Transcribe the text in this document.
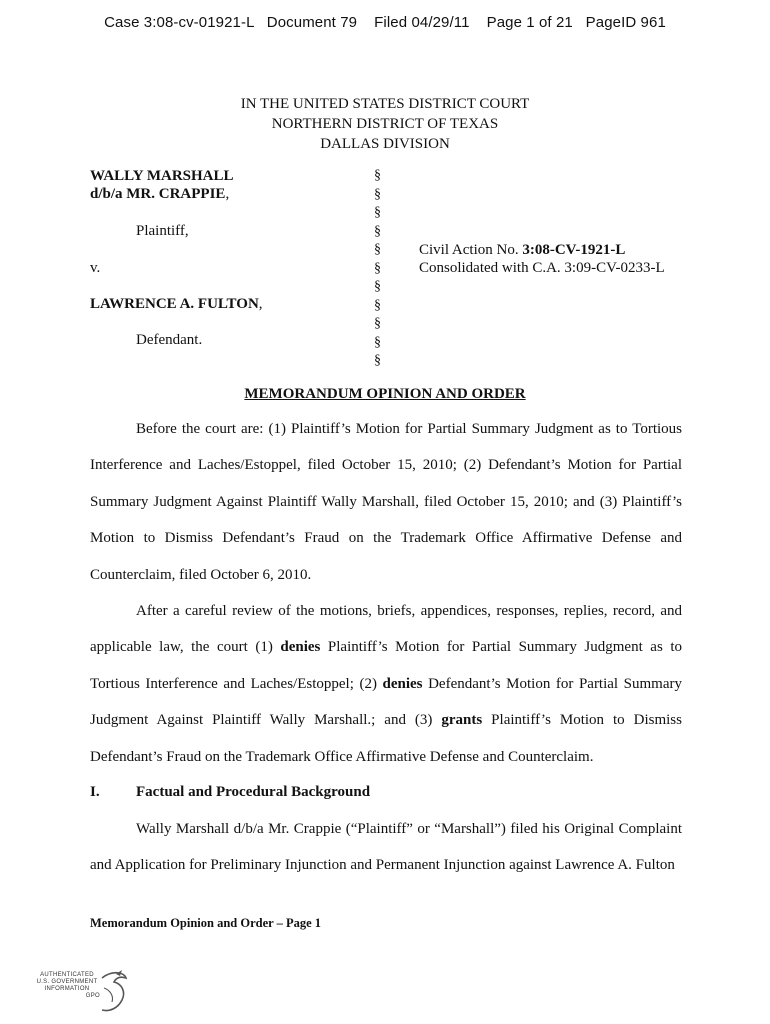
Case 3:08-cv-01921-L   Document 79    Filed 04/29/11    Page 1 of 21   PageID 961
IN THE UNITED STATES DISTRICT COURT
NORTHERN DISTRICT OF TEXAS
DALLAS DIVISION
WALLY MARSHALL
d/b/a MR. CRAPPIE,
Plaintiff,
v.
LAWRENCE A. FULTON,
Defendant.
§
§
§
§
§
§
§
§
§
§
§
Civil Action No. 3:08-CV-1921-L
Consolidated with C.A. 3:09-CV-0233-L
MEMORANDUM OPINION AND ORDER
Before the court are: (1) Plaintiff’s Motion for Partial Summary Judgment as to Tortious Interference and Laches/Estoppel, filed October 15, 2010; (2) Defendant’s Motion for Partial Summary Judgment Against Plaintiff Wally Marshall, filed October 15, 2010; and (3) Plaintiff’s Motion to Dismiss Defendant’s Fraud on the Trademark Office Affirmative Defense and Counterclaim, filed October 6, 2010.
After a careful review of the motions, briefs, appendices, responses, replies, record, and applicable law, the court (1) denies Plaintiff’s Motion for Partial Summary Judgment as to Tortious Interference and Laches/Estoppel; (2) denies Defendant’s Motion for Partial Summary Judgment Against Plaintiff Wally Marshall.; and (3) grants Plaintiff’s Motion to Dismiss Defendant’s Fraud on the Trademark Office Affirmative Defense and Counterclaim.
I. Factual and Procedural Background
Wally Marshall d/b/a Mr. Crappie (“Plaintiff” or “Marshall”) filed his Original Complaint and Application for Preliminary Injunction and Permanent Injunction against Lawrence A. Fulton
Memorandum Opinion and Order – Page 1
AUTHENTICATED
U.S. GOVERNMENT
INFORMATION
GPO
